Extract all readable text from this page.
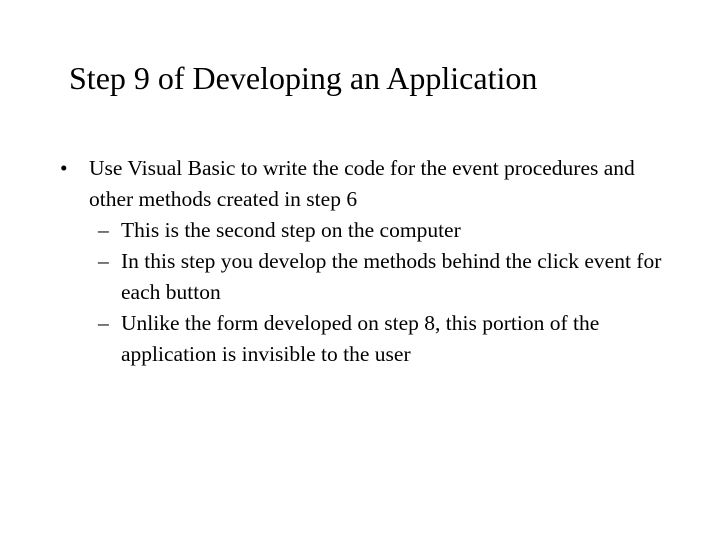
Step 9 of Developing an Application
• Use Visual Basic to write the code for the event procedures and other methods created in step 6
– This is the second step on the computer
– In this step you develop the methods behind the click event for each button
– Unlike the form developed on step 8, this portion of the application is invisible to the user
